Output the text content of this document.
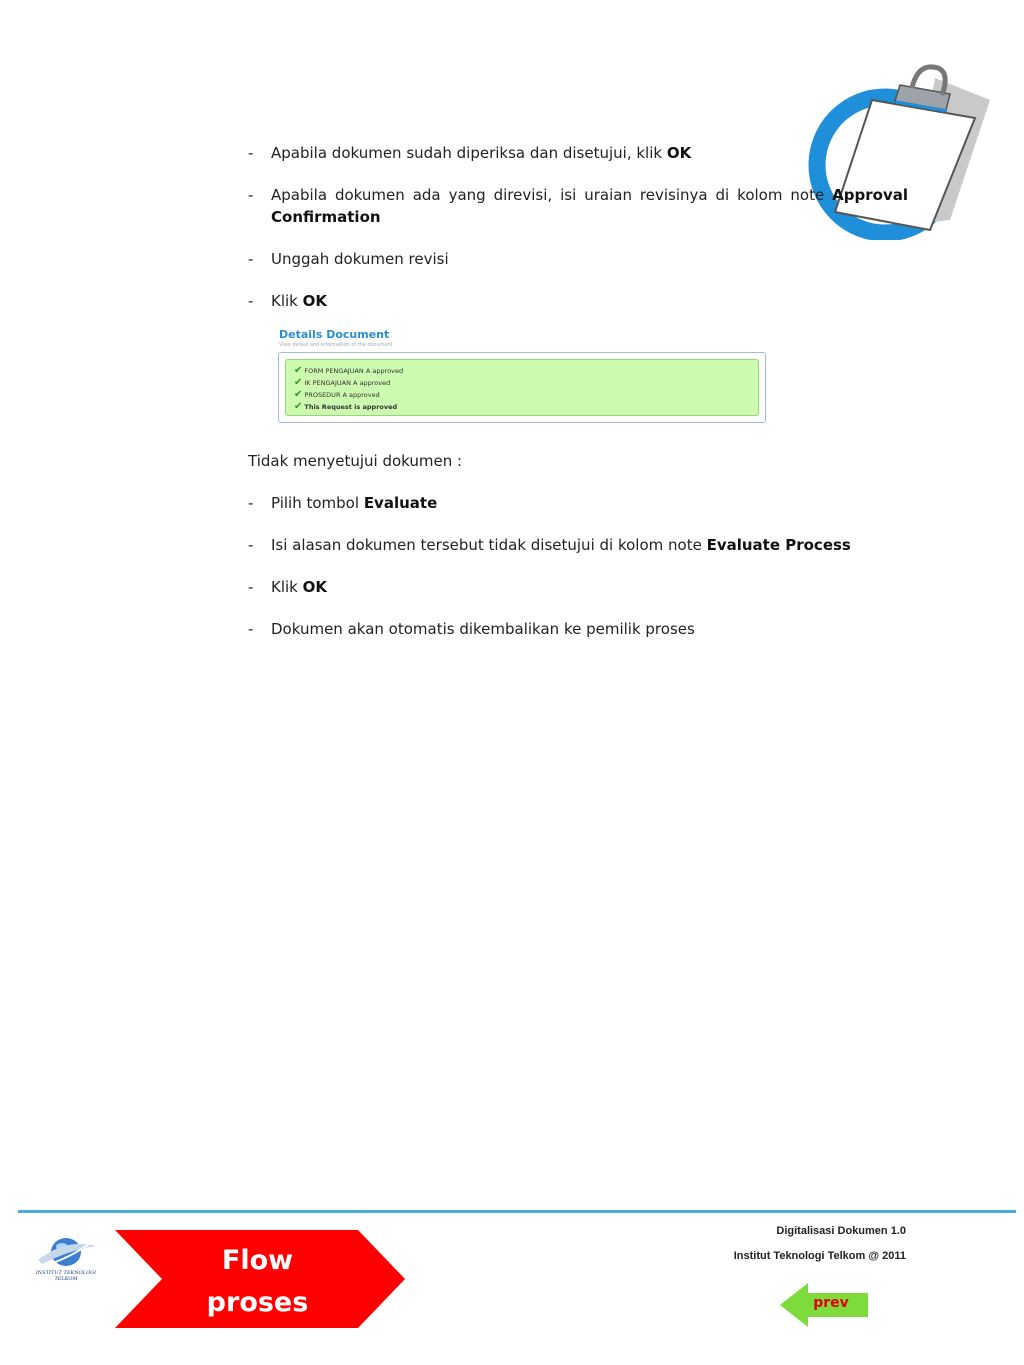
- Apabila dokumen sudah diperiksa dan disetujui, klik OK

- Apabila dokumen ada yang direvisi, isi uraian revisinya di kolom note Approval Confirmation

- Unggah dokumen revisi

- Klik OK

Details Document
View detaul and information of the document
✔ FORM PENGAJUAN A approved
✔ IK PENGAJUAN A approved
✔ PROSEDUR A approved
✔ This Request is approved

Tidak menyetujui dokumen :

- Pilih tombol Evaluate

- Isi alasan dokumen tersebut tidak disetujui di kolom note Evaluate Process

- Klik OK

- Dokumen akan otomatis dikembalikan ke pemilik proses

INSTITUT TEKNOLOGI TELKOM
Flow
proses
Digitalisasi Dokumen 1.0
Institut Teknologi Telkom @ 2011
prev
